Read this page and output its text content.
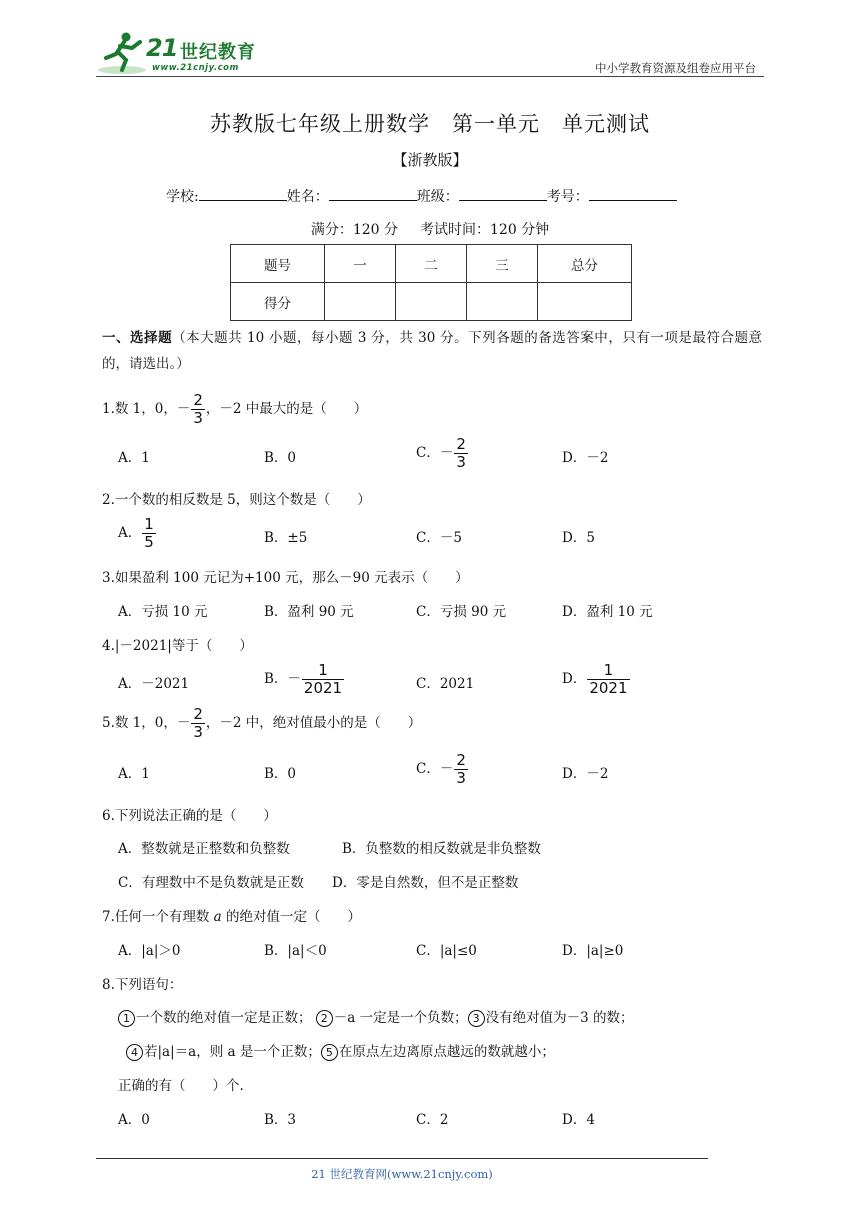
21 世纪教育
www.21cnjy.com	中小学教育资源及组卷应用平台
苏教版七年级上册数学 第一单元 单元测试
【浙教版】
学校:	姓名：	班级：	考号：
满分：120 分 考试时间：120 分钟
题号	一	二	三	总分
得分				
一、选择题（本大题共 10 小题，每小题 3 分，共 30 分。下列各题的备选答案中，只有一项是最符合题意的，请选出。）
1.数 1，0，－ $\frac{2}{3}$ ，－2 中最大的是（　　）
A．1	B．0	C．－ $\frac{2}{3}$	D．－2
2.一个数的相反数是 5，则这个数是（　　）
A． $\frac{1}{5}$	B．±5	C．－5	D．5
3.如果盈利 100 元记为+100 元，那么－90 元表示（　　）
A．亏损 10 元	B．盈利 90 元	C．亏损 90 元	D．盈利 10 元
4.|－2021|等于（　　）
A．－2021	B．－ $\frac{1}{2021}$	C．2021	D． $\frac{1}{2021}$
5.数 1，0，－ $\frac{2}{3}$ ，－2 中，绝对值最小的是（　　）
A．1	B．0	C．－ $\frac{2}{3}$	D．－2
6.下列说法正确的是（　　）
A．整数就是正整数和负整数	B．负整数的相反数就是非负整数
C．有理数中不是负数就是正数 D．零是自然数，但不是正整数
7.任何一个有理数 a 的绝对值一定（　　）
A．|a|＞0	B．|a|＜0	C．|a|≤0	D．|a|≥0
8.下列语句：
1 一个数的绝对值一定是正数； 2 －a 一定是一个负数； 3 没有绝对值为－3 的数；
4 若|a|＝a，则 a 是一个正数； 5 在原点左边离原点越远的数就越小；
正确的有（　　）个.
A．0	B．3	C．2	D．4
21 世纪教育网(www.21cnjy.com)
